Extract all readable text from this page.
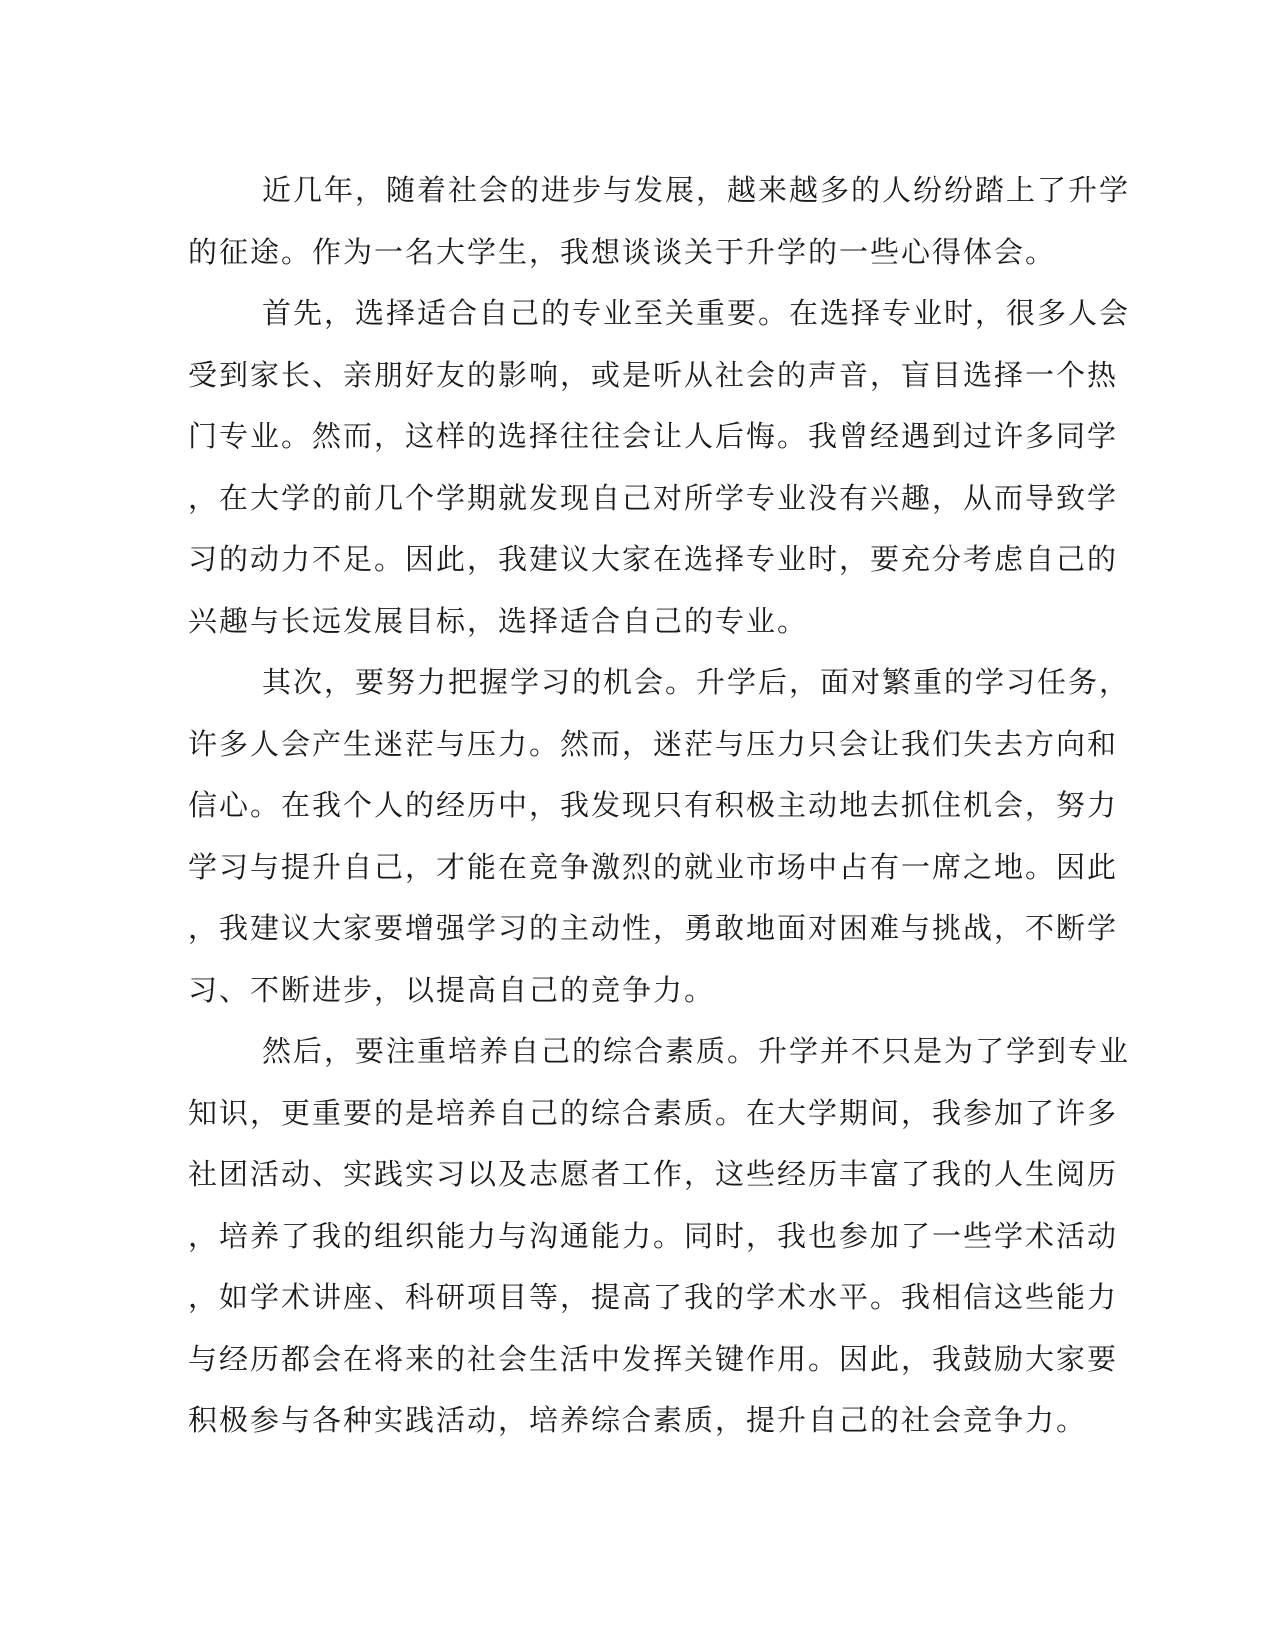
近几年，随着社会的进步与发展，越来越多的人纷纷踏上了升学
的征途。作为一名大学生，我想谈谈关于升学的一些心得体会。
首先，选择适合自己的专业至关重要。在选择专业时，很多人会
受到家长、亲朋好友的影响，或是听从社会的声音，盲目选择一个热
门专业。然而，这样的选择往往会让人后悔。我曾经遇到过许多同学
，在大学的前几个学期就发现自己对所学专业没有兴趣，从而导致学
习的动力不足。因此，我建议大家在选择专业时，要充分考虑自己的
兴趣与长远发展目标，选择适合自己的专业。
其次，要努力把握学习的机会。升学后，面对繁重的学习任务，
许多人会产生迷茫与压力。然而，迷茫与压力只会让我们失去方向和
信心。在我个人的经历中，我发现只有积极主动地去抓住机会，努力
学习与提升自己，才能在竞争激烈的就业市场中占有一席之地。因此
，我建议大家要增强学习的主动性，勇敢地面对困难与挑战，不断学
习、不断进步，以提高自己的竞争力。
然后，要注重培养自己的综合素质。升学并不只是为了学到专业
知识，更重要的是培养自己的综合素质。在大学期间，我参加了许多
社团活动、实践实习以及志愿者工作，这些经历丰富了我的人生阅历
，培养了我的组织能力与沟通能力。同时，我也参加了一些学术活动
，如学术讲座、科研项目等，提高了我的学术水平。我相信这些能力
与经历都会在将来的社会生活中发挥关键作用。因此，我鼓励大家要
积极参与各种实践活动，培养综合素质，提升自己的社会竞争力。
